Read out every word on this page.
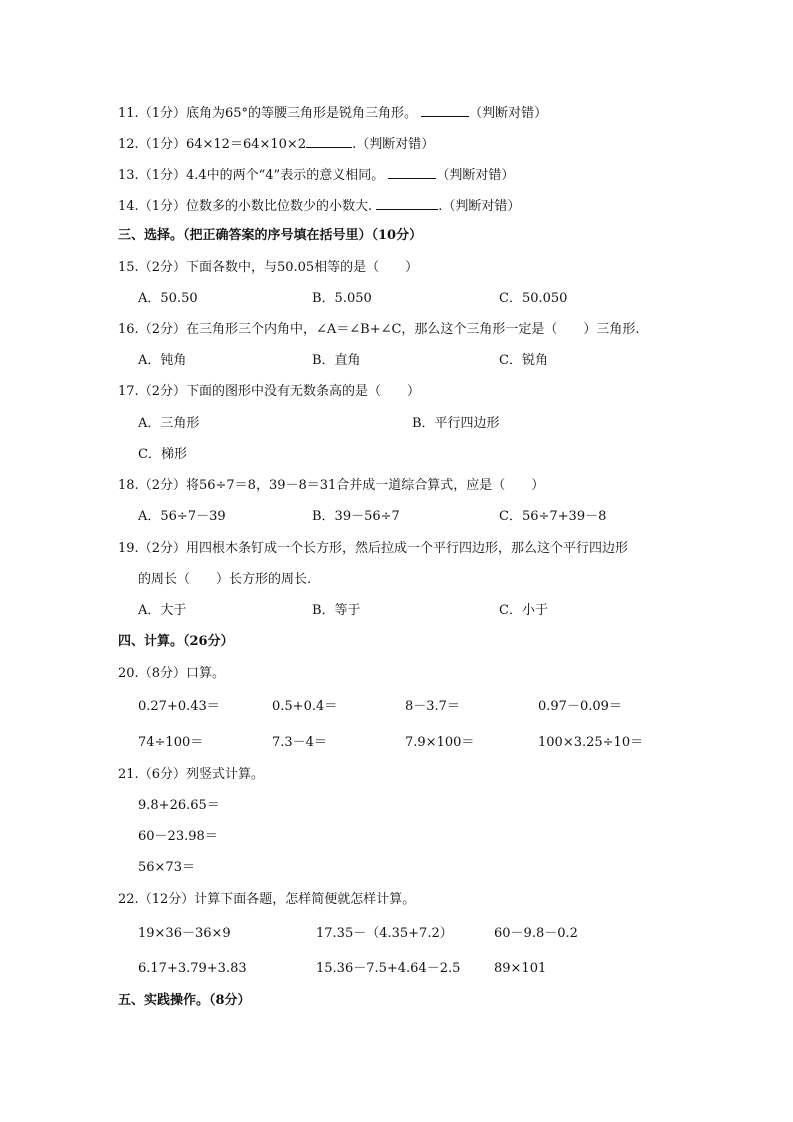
11.（1分）底角为65°的等腰三角形是锐角三角形。	（判断对错）
12.（1分）64×12＝64×10×2	.（判断对错）
13.（1分）4.4中的两个“4”表示的意义相同。	（判断对错）
14.（1分）位数多的小数比位数少的小数大.	.（判断对错）
三、选择。（把正确答案的序号填在括号里）（10分）
15.（2分）下面各数中，与50.05相等的是（　　）
A．50.50	B．5.050	C．50.050
16.（2分）在三角形三个内角中，∠A＝∠B+∠C，那么这个三角形一定是（　　）三角形.
A．钝角	B．直角	C．锐角
17.（2分）下面的图形中没有无数条高的是（　　）
A．三角形	B．平行四边形
C．梯形
18.（2分）将56÷7＝8，39－8＝31合并成一道综合算式，应是（　　）
A．56÷7－39	B．39－56÷7	C．56÷7+39－8
19.（2分）用四根木条钉成一个长方形，然后拉成一个平行四边形，那么这个平行四边形
的周长（　　）长方形的周长.
A．大于	B．等于	C．小于
四、计算。（26分）
20.（8分）口算。
0.27+0.43＝	0.5+0.4＝	8－3.7＝	0.97－0.09＝
74÷100＝	7.3－4＝	7.9×100＝	100×3.25÷10＝
21.（6分）列竖式计算。
9.8+26.65＝
60－23.98＝
56×73＝
22.（12分）计算下面各题，怎样简便就怎样计算。
19×36－36×9	17.35－（4.35+7.2）	60－9.8－0.2
6.17+3.79+3.83	15.36－7.5+4.64－2.5	89×101
五、实践操作。（8分）
